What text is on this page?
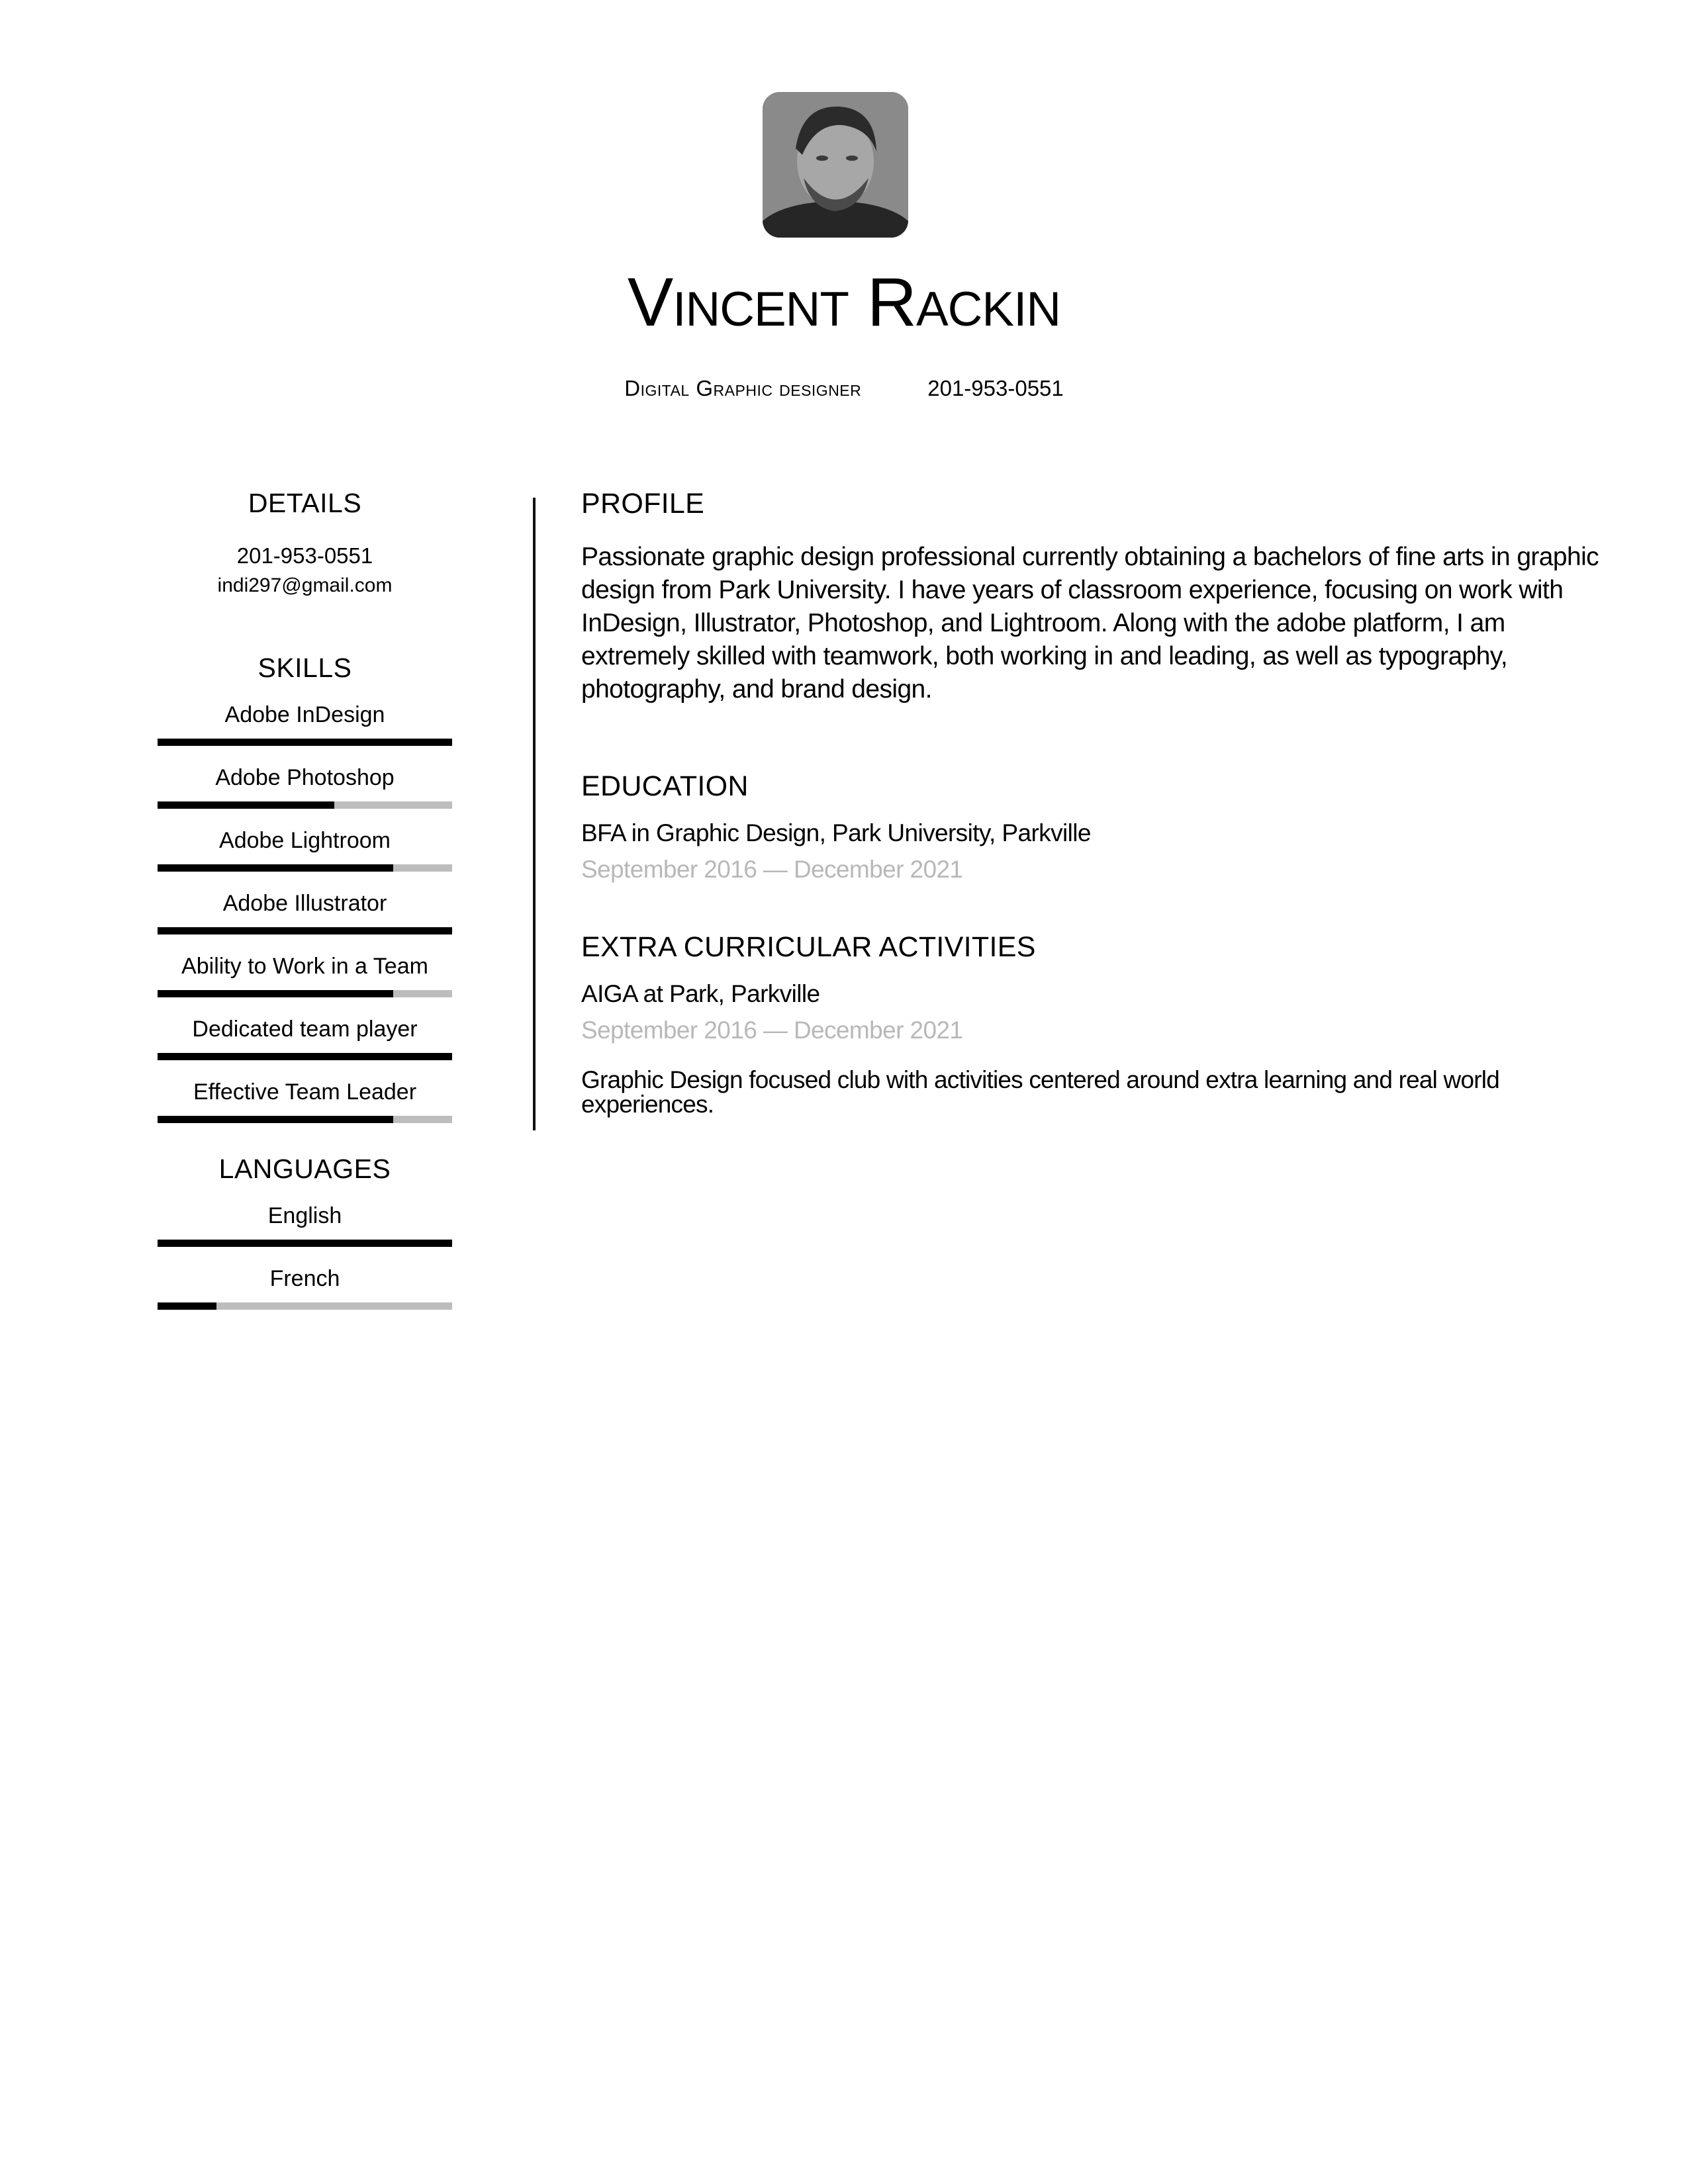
Vincent Rackin
Digital Graphic designer	201-953-0551
DETAILS
201-953-0551
indi297@gmail.com
SKILLS
Adobe InDesign
Adobe Photoshop
Adobe Lightroom
Adobe Illustrator
Ability to Work in a Team
Dedicated team player
Effective Team Leader
LANGUAGES
English
French
PROFILE
Passionate graphic design professional currently obtaining a bachelors of fine arts in graphic design from Park University. I have years of classroom experience, focusing on work with InDesign, Illustrator, Photoshop, and Lightroom. Along with the adobe platform, I am extremely skilled with teamwork, both working in and leading, as well as typography, photography, and brand design.
EDUCATION
BFA in Graphic Design, Park University, Parkville
September 2016 — December 2021
EXTRA CURRICULAR ACTIVITIES
AIGA at Park, Parkville
September 2016 — December 2021
Graphic Design focused club with activities centered around extra learning and real world experiences.
